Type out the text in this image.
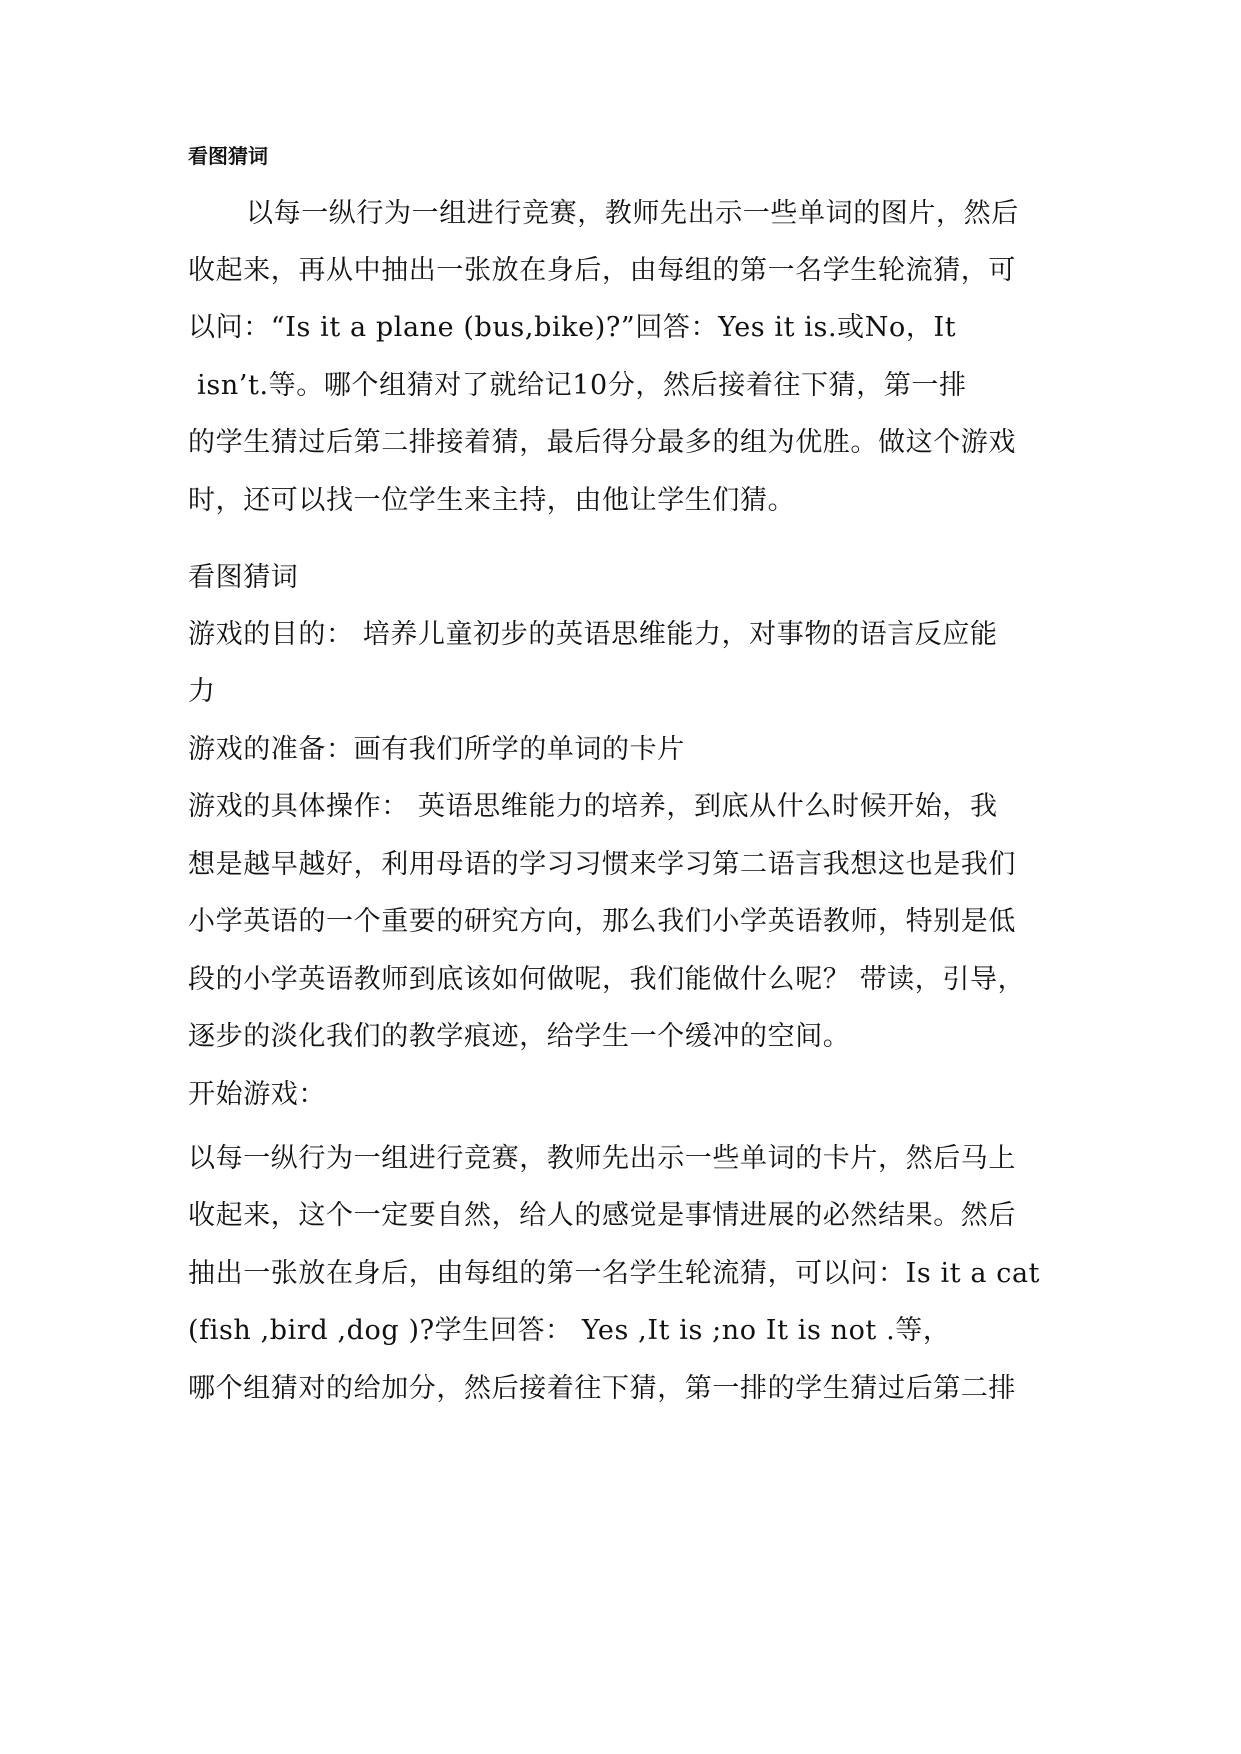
看图猜词
以每一纵行为一组进行竞赛，教师先出示一些单词的图片，然后
收起来，再从中抽出一张放在身后，由每组的第一名学生轮流猜，可
以问：“Is it a plane (bus,bike)?”回答：Yes it is.或No，It
isn’t.等。哪个组猜对了就给记10分，然后接着往下猜，第一排
的学生猜过后第二排接着猜，最后得分最多的组为优胜。做这个游戏
时，还可以找一位学生来主持，由他让学生们猜。
看图猜词
游戏的目的： 培养儿童初步的英语思维能力，对事物的语言反应能
力
游戏的准备：画有我们所学的单词的卡片
游戏的具体操作： 英语思维能力的培养，到底从什么时候开始，我
想是越早越好，利用母语的学习习惯来学习第二语言我想这也是我们
小学英语的一个重要的研究方向，那么我们小学英语教师，特别是低
段的小学英语教师到底该如何做呢，我们能做什么呢？ 带读，引导，
逐步的淡化我们的教学痕迹，给学生一个缓冲的空间。
开始游戏：
以每一纵行为一组进行竞赛，教师先出示一些单词的卡片，然后马上
收起来，这个一定要自然，给人的感觉是事情进展的必然结果。然后
抽出一张放在身后，由每组的第一名学生轮流猜，可以问：Is it a cat
(fish ,bird ,dog )?学生回答： Yes ,It is ;no It is not .等，
哪个组猜对的给加分，然后接着往下猜，第一排的学生猜过后第二排
